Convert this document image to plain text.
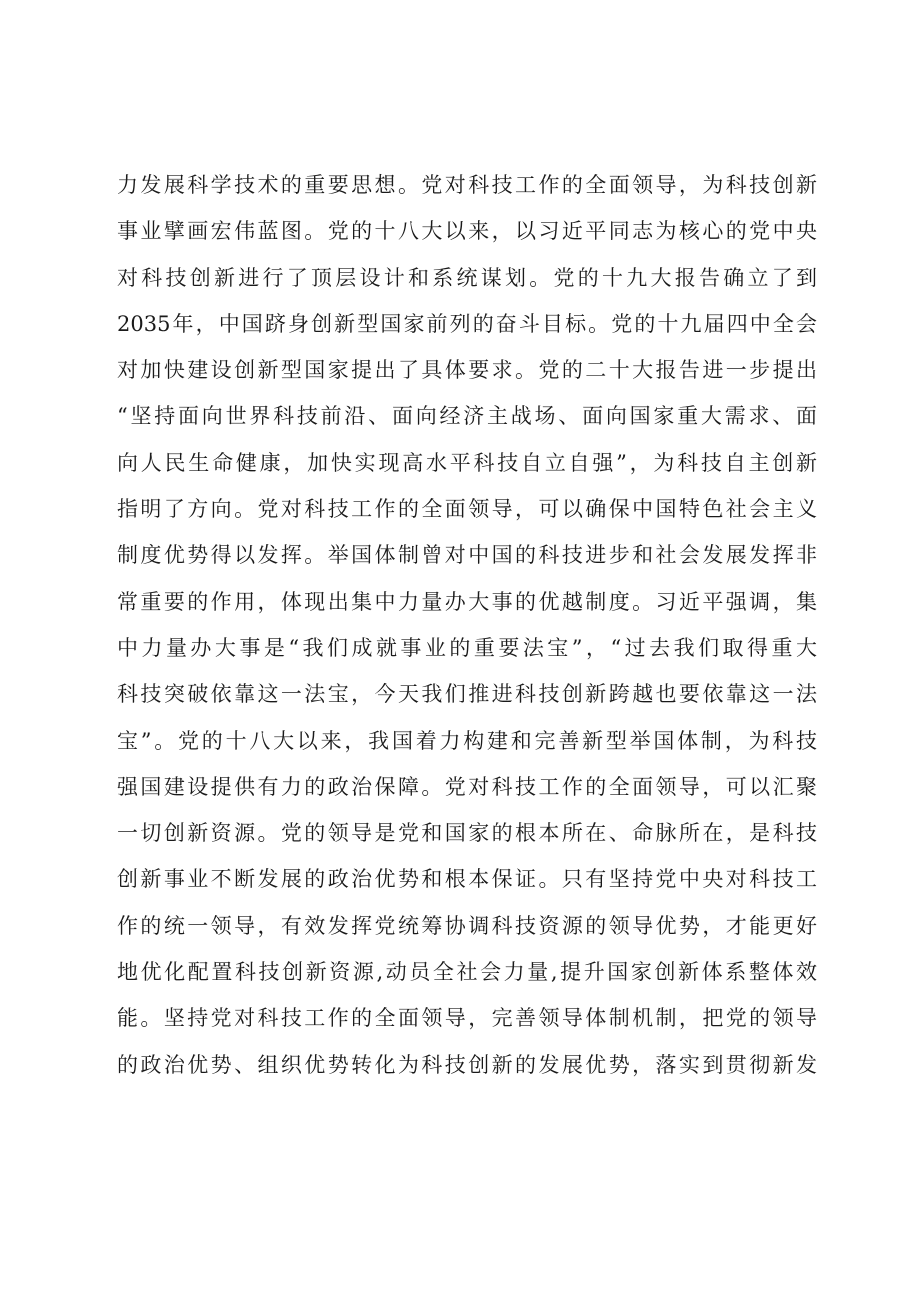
力发展科学技术的重要思想。党对科技工作的全面领导，为科技创新
事业擘画宏伟蓝图。党的十八大以来，以习近平同志为核心的党中央
对科技创新进行了顶层设计和系统谋划。党的十九大报告确立了到
2035年，中国跻身创新型国家前列的奋斗目标。党的十九届四中全会
对加快建设创新型国家提出了具体要求。党的二十大报告进一步提出
“坚持面向世界科技前沿、面向经济主战场、面向国家重大需求、面
向人民生命健康，加快实现高水平科技自立自强”，为科技自主创新
指明了方向。党对科技工作的全面领导，可以确保中国特色社会主义
制度优势得以发挥。举国体制曾对中国的科技进步和社会发展发挥非
常重要的作用，体现出集中力量办大事的优越制度。习近平强调，集
中力量办大事是“我们成就事业的重要法宝”，“过去我们取得重大
科技突破依靠这一法宝，今天我们推进科技创新跨越也要依靠这一法
宝”。党的十八大以来，我国着力构建和完善新型举国体制，为科技
强国建设提供有力的政治保障。党对科技工作的全面领导，可以汇聚
一切创新资源。党的领导是党和国家的根本所在、命脉所在，是科技
创新事业不断发展的政治优势和根本保证。只有坚持党中央对科技工
作的统一领导，有效发挥党统筹协调科技资源的领导优势，才能更好
地优化配置科技创新资源,动员全社会力量,提升国家创新体系整体效
能。坚持党对科技工作的全面领导，完善领导体制机制，把党的领导
的政治优势、组织优势转化为科技创新的发展优势，落实到贯彻新发
